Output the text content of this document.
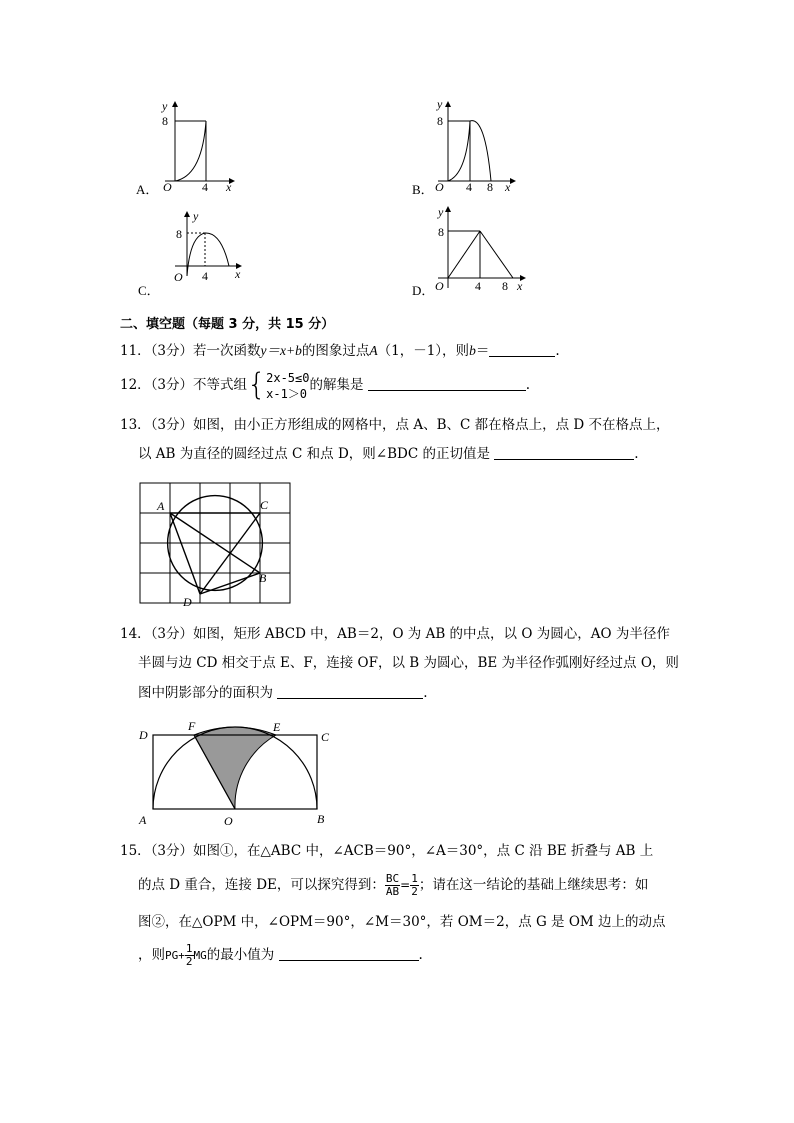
A．
y
8
O	4 x	B．
y
8
O 4 8 x
C．
y
8
O 4 x
D．
y
8
O	4 8 x
二、填空题（每题 3 分，共 15 分）
11．（3分）若一次函数y＝x+b的图象过点A（1，－1），则b＝	.
12．（3分）不等式组{ 2x-5≤0
x-1＞0
的解集是	.
13．（3分）如图，由小正方形组成的网格中，点 A、B、C 都在格点上，点 D 不在格点上，
以 AB 为直径的圆经过点 C 和点 D，则∠BDC 的正切值是	.
A	C
B
D
14．（3分）如图，矩形 ABCD 中，AB＝2，O 为 AB 的中点，以 O 为圆心，AO 为半径作
半圆与边 CD 相交于点 E、F，连接 OF，以 B 为圆心，BE 为半径作弧刚好经过点 O，则
图中阴影部分的面积为	.
D
F	E
C
A	O	B
15．（3分）如图①，在△ABC 中，∠ACB＝90°，∠A＝30°，点 C 沿 BE 折叠与 AB 上
的点 D 重合，连接 DE，可以探究得到： $\frac{BC}{AB} = \frac{1}{2}$ ；请在这一结论的基础上继续思考：如
图②，在△OPM 中，∠OPM＝90°，∠M＝30°，若 OM＝2，点 G 是 OM 边上的动点
，则$PG+ \frac{1}{2}$ MG的最小值为	.
